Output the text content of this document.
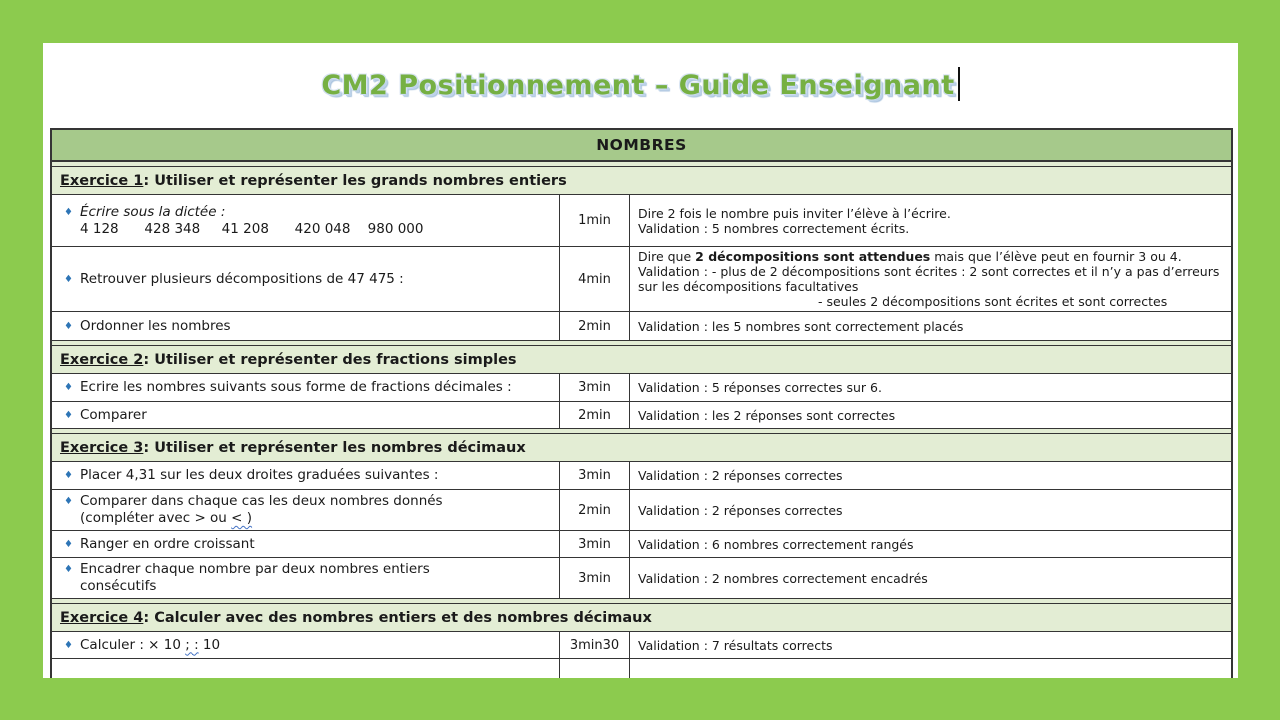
CM2 Positionnement – Guide Enseignant
NOMBRES
Exercice 1 : Utiliser et représenter les grands nombres entiers
♦ Écrire sous la dictée :
4 128      428 348     41 208      420 048    980 000	1min	Dire 2 fois le nombre puis inviter l’élève à l’écrire.
Validation : 5 nombres correctement écrits.
♦ Retrouver plusieurs décompositions de 47 475 :	4min
Dire que 2 décompositions sont attendues mais que l’élève peut en fournir 3 ou 4.
Validation : - plus de 2 décompositions sont écrites : 2 sont correctes et il n’y a pas d’erreurs sur les décompositions facultatives
- seules 2 décompositions sont écrites et sont correctes
♦ Ordonner les nombres	2min	Validation : les 5 nombres sont correctement placés
Exercice 2 : Utiliser et représenter des fractions simples
♦ Ecrire les nombres suivants sous forme de fractions décimales :	3min	Validation : 5 réponses correctes sur 6.
♦ Comparer	2min	Validation : les 2 réponses sont correctes
Exercice 3 : Utiliser et représenter les nombres décimaux
♦ Placer 4,31 sur les deux droites graduées suivantes :	3min	Validation : 2 réponses correctes
♦ Comparer dans chaque cas les deux nombres donnés
(compléter avec > ou < )	2min	Validation : 2 réponses correctes
♦ Ranger en ordre croissant	3min	Validation : 6 nombres correctement rangés
♦ Encadrer chaque nombre par deux nombres entiers
consécutifs	3min	Validation : 2 nombres correctement encadrés
Exercice 4 : Calculer avec des nombres entiers et des nombres décimaux
♦ Calculer : × 10 ; : 10	3min30	Validation : 7 résultats corrects
